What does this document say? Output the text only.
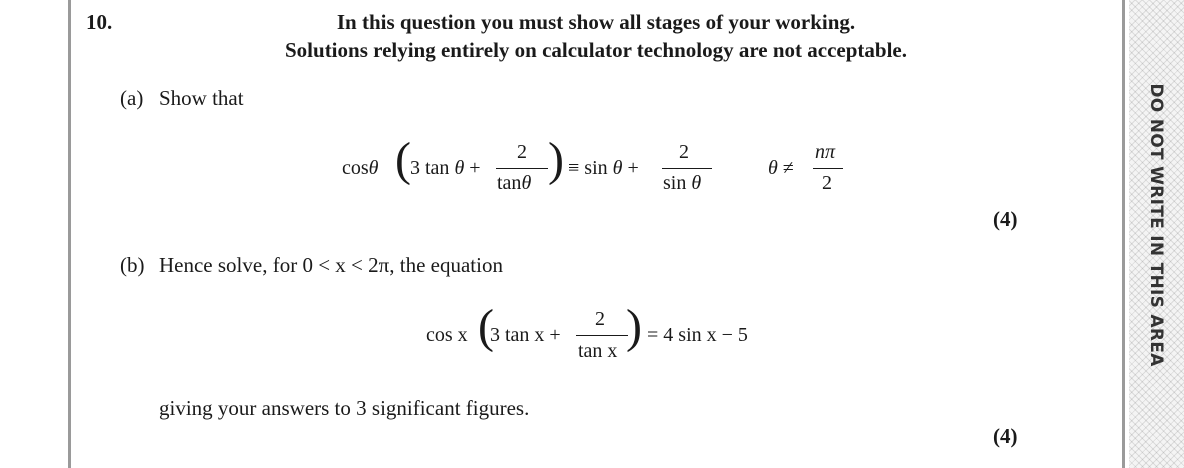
DO NOT WRITE IN THIS AREA
10.	In this question you must show all stages of your working.
Solutions relying entirely on calculator technology are not acceptable.
(a) Show that
cosθ ( 3 tan θ +
2
tanθ ) ≡ sin θ +
2
sin θ
θ ≠
nπ
2
(4)
(b) Hence solve, for 0 < x < 2π, the equation
cos x (
3 tan x +
2
tan x ) = 4 sin x − 5
giving your answers to 3 significant figures.
(4)
